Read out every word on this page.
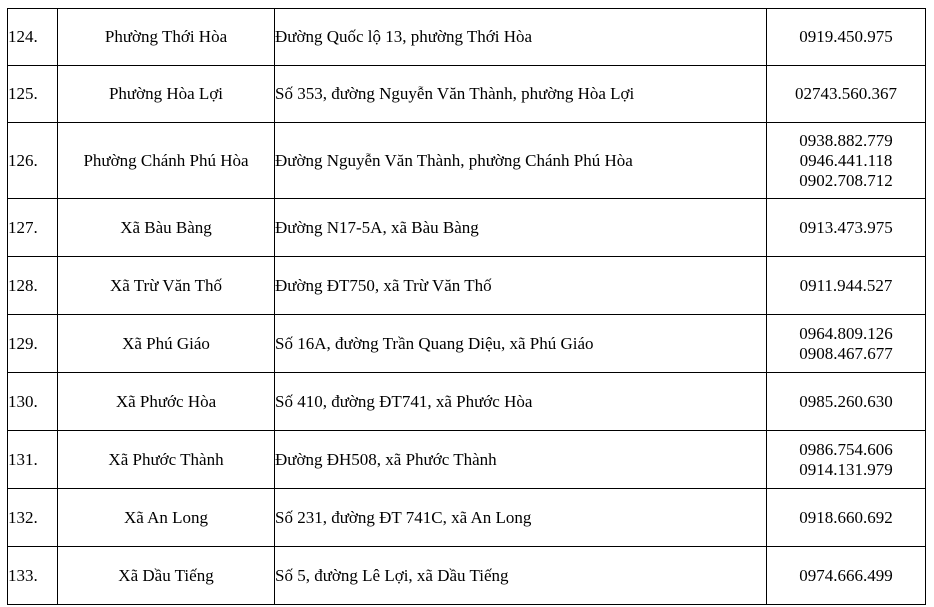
124.	Phường Thới Hòa	Đường Quốc lộ 13, phường Thới Hòa	0919.450.975

125.	Phường Hòa Lợi	Số 353, đường Nguyễn Văn Thành, phường Hòa Lợi	02743.560.367

126.	Phường Chánh Phú Hòa	Đường Nguyễn Văn Thành, phường Chánh Phú Hòa	0938.882.779
0946.441.118
0902.708.712

127.	Xã Bàu Bàng	Đường N17-5A, xã Bàu Bàng	0913.473.975

128.	Xã Trừ Văn Thố	Đường ĐT750, xã Trừ Văn Thố	0911.944.527

129.	Xã Phú Giáo	Số 16A, đường Trần Quang Diệu, xã Phú Giáo	0964.809.126
0908.467.677

130.	Xã Phước Hòa	Số 410, đường ĐT741, xã Phước Hòa	0985.260.630

131.	Xã Phước Thành	Đường ĐH508, xã Phước Thành	0986.754.606
0914.131.979

132.	Xã An Long	Số 231, đường ĐT 741C, xã An Long	0918.660.692

133.	Xã Dầu Tiếng	Số 5, đường Lê Lợi, xã Dầu Tiếng	0974.666.499
